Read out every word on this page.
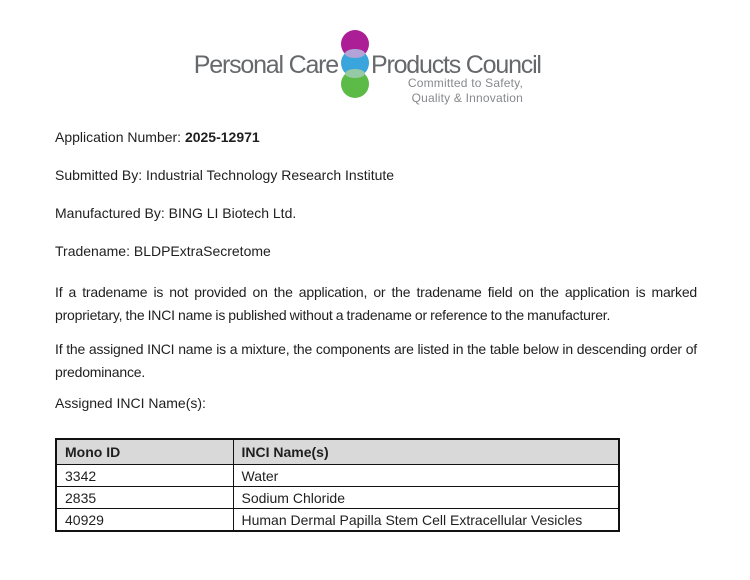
Personal Care Products Council
Committed to Safety,
Quality & Innovation

Application Number: 2025-12971

Submitted By: Industrial Technology Research Institute

Manufactured By: BING LI Biotech Ltd.

Tradename: BLDPExtraSecretome

If a tradename is not provided on the application, or the tradename field on the application is marked proprietary, the INCI name is published without a tradename or reference to the manufacturer.

If the assigned INCI name is a mixture, the components are listed in the table below in descending order of predominance.

Assigned INCI Name(s):

Mono ID	INCI Name(s)
3342	Water
2835	Sodium Chloride
40929	Human Dermal Papilla Stem Cell Extracellular Vesicles
